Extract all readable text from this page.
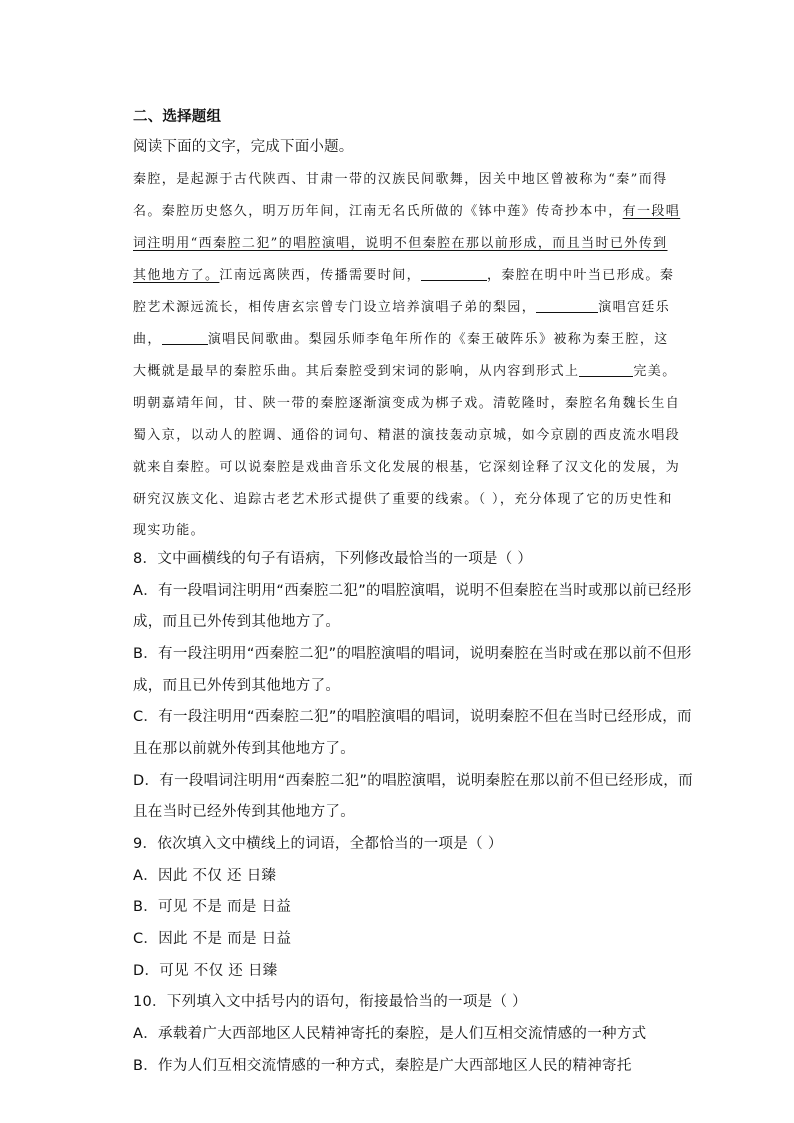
二、选择题组
阅读下面的文字，完成下面小题。
秦腔，是起源于古代陕西、甘肃一带的汉族民间歌舞，因关中地区曾被称为“秦”而得
名。秦腔历史悠久，明万历年间，江南无名氏所做的《钵中莲》传奇抄本中，有一段唱
词注明用“西秦腔二犯”的唱腔演唱，说明不但秦腔在那以前形成，而且当时已外传到
其他地方了。江南远离陕西，传播需要时间，	，秦腔在明中叶当已形成。秦
腔艺术源远流长，相传唐玄宗曾专门设立培养演唱子弟的梨园，	演唱宫廷乐
曲，	演唱民间歌曲。梨园乐师李龟年所作的《秦王破阵乐》被称为秦王腔，这
大概就是最早的秦腔乐曲。其后秦腔受到宋词的影响，从内容到形式上	完美。
明朝嘉靖年间，甘、陕一带的秦腔逐渐演变成为梆子戏。清乾隆时，秦腔名角魏长生自
蜀入京，以动人的腔调、通俗的词句、精湛的演技轰动京城，如今京剧的西皮流水唱段
就来自秦腔。可以说秦腔是戏曲音乐文化发展的根基，它深刻诠释了汉文化的发展，为
研究汉族文化、追踪古老艺术形式提供了重要的线索。（ ），充分体现了它的历史性和
现实功能。
8．文中画横线的句子有语病，下列修改最恰当的一项是（ ）
A．有一段唱词注明用“西秦腔二犯”的唱腔演唱，说明不但秦腔在当时或那以前已经形
成，而且已外传到其他地方了。
B．有一段注明用“西秦腔二犯”的唱腔演唱的唱词，说明秦腔在当时或在那以前不但形
成，而且已外传到其他地方了。
C．有一段注明用“西秦腔二犯”的唱腔演唱的唱词，说明秦腔不但在当时已经形成，而
且在那以前就外传到其他地方了。
D．有一段唱词注明用“西秦腔二犯”的唱腔演唱，说明秦腔在那以前不但已经形成，而
且在当时已经外传到其他地方了。
9．依次填入文中横线上的词语，全都恰当的一项是（ ）
A．因此 不仅 还 日臻
B．可见 不是 而是 日益
C．因此 不是 而是 日益
D．可见 不仅 还 日臻
10．下列填入文中括号内的语句，衔接最恰当的一项是（ ）
A．承载着广大西部地区人民精神寄托的秦腔，是人们互相交流情感的一种方式
B．作为人们互相交流情感的一种方式，秦腔是广大西部地区人民的精神寄托
